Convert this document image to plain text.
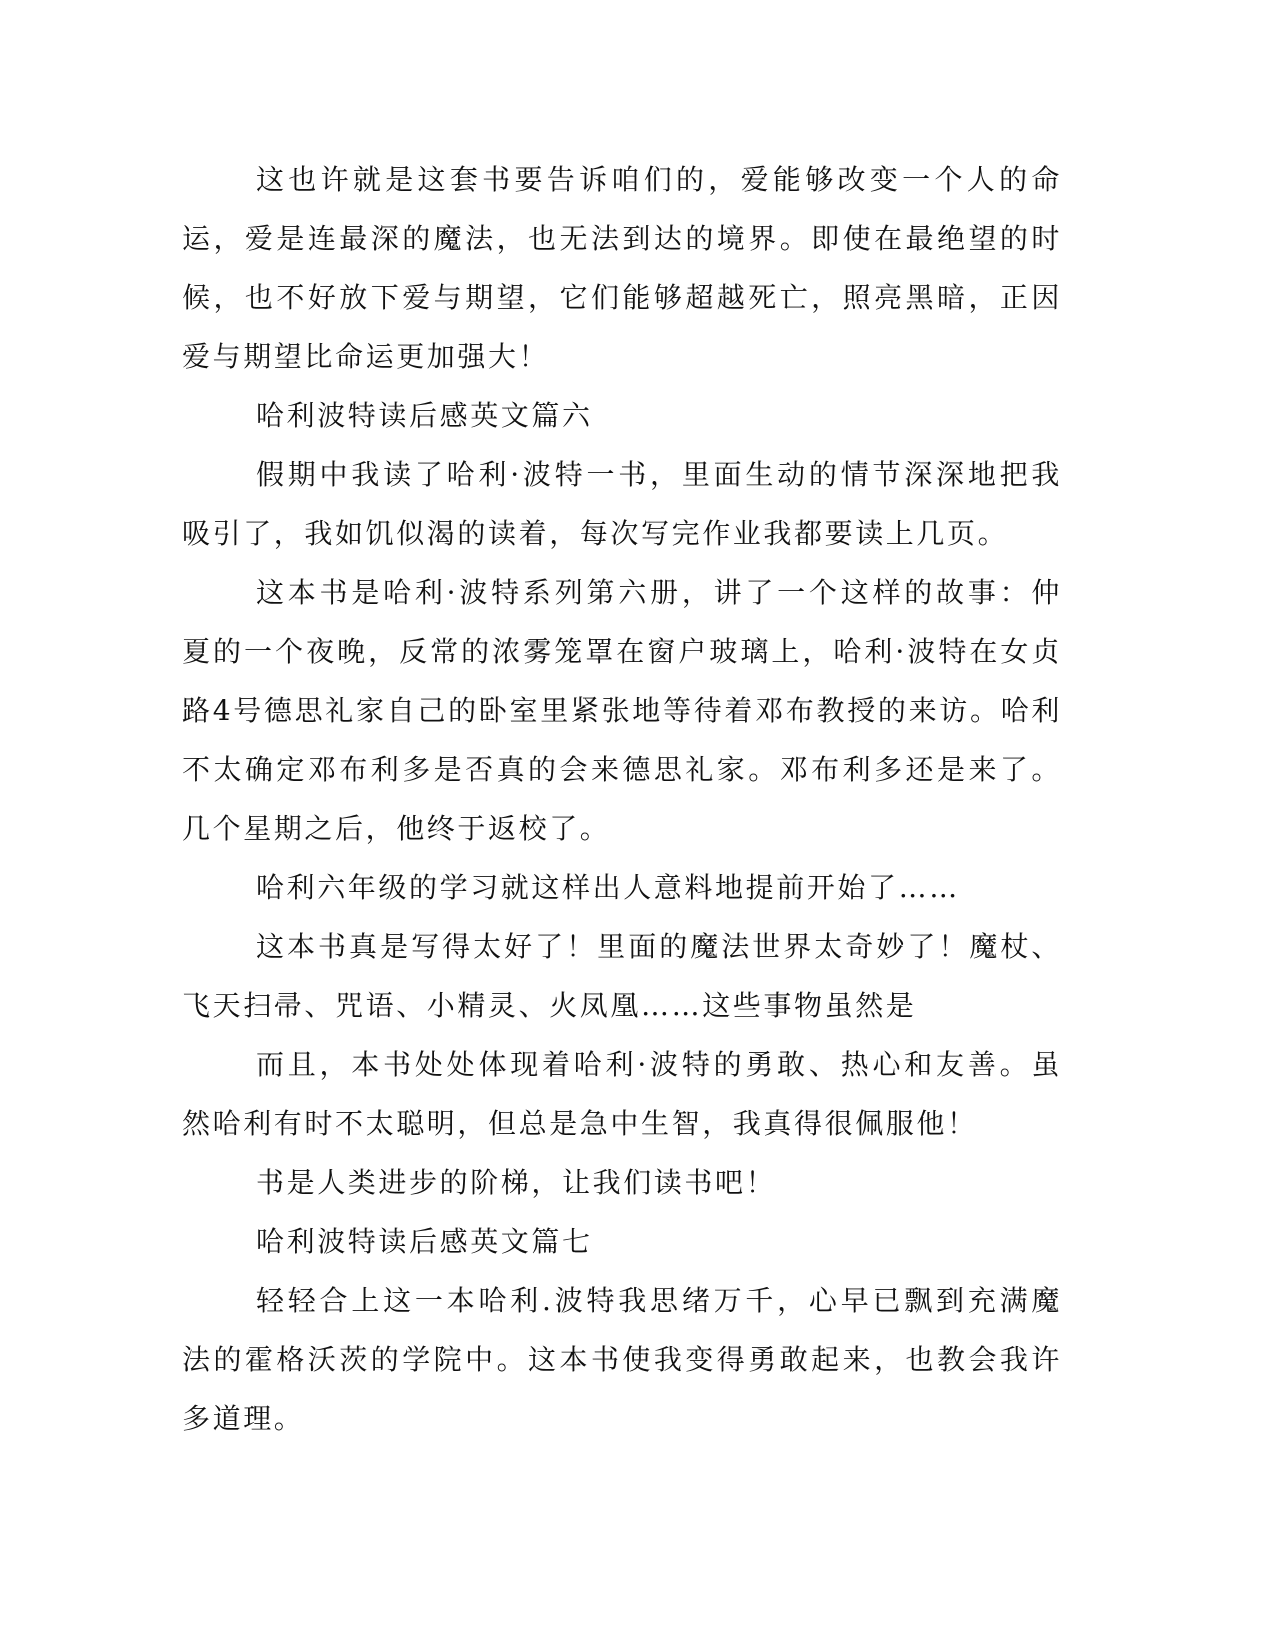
这也许就是这套书要告诉咱们的，爱能够改变一个人的命运，爱是连最深的魔法，也无法到达的境界。即使在最绝望的时候，也不好放下爱与期望，它们能够超越死亡，照亮黑暗，正因爱与期望比命运更加强大！

哈利波特读后感英文篇六

假期中我读了哈利·波特一书，里面生动的情节深深地把我吸引了，我如饥似渴的读着，每次写完作业我都要读上几页。

这本书是哈利·波特系列第六册，讲了一个这样的故事：仲夏的一个夜晚，反常的浓雾笼罩在窗户玻璃上，哈利·波特在女贞路4号德思礼家自己的卧室里紧张地等待着邓布教授的来访。哈利不太确定邓布利多是否真的会来德思礼家。邓布利多还是来了。几个星期之后，他终于返校了。

哈利六年级的学习就这样出人意料地提前开始了……

这本书真是写得太好了！里面的魔法世界太奇妙了！魔杖、飞天扫帚、咒语、小精灵、火凤凰……这些事物虽然是

而且，本书处处体现着哈利·波特的勇敢、热心和友善。虽然哈利有时不太聪明，但总是急中生智，我真得很佩服他！

书是人类进步的阶梯，让我们读书吧！

哈利波特读后感英文篇七

轻轻合上这一本哈利.波特我思绪万千，心早已飘到充满魔法的霍格沃茨的学院中。这本书使我变得勇敢起来，也教会我许多道理。
